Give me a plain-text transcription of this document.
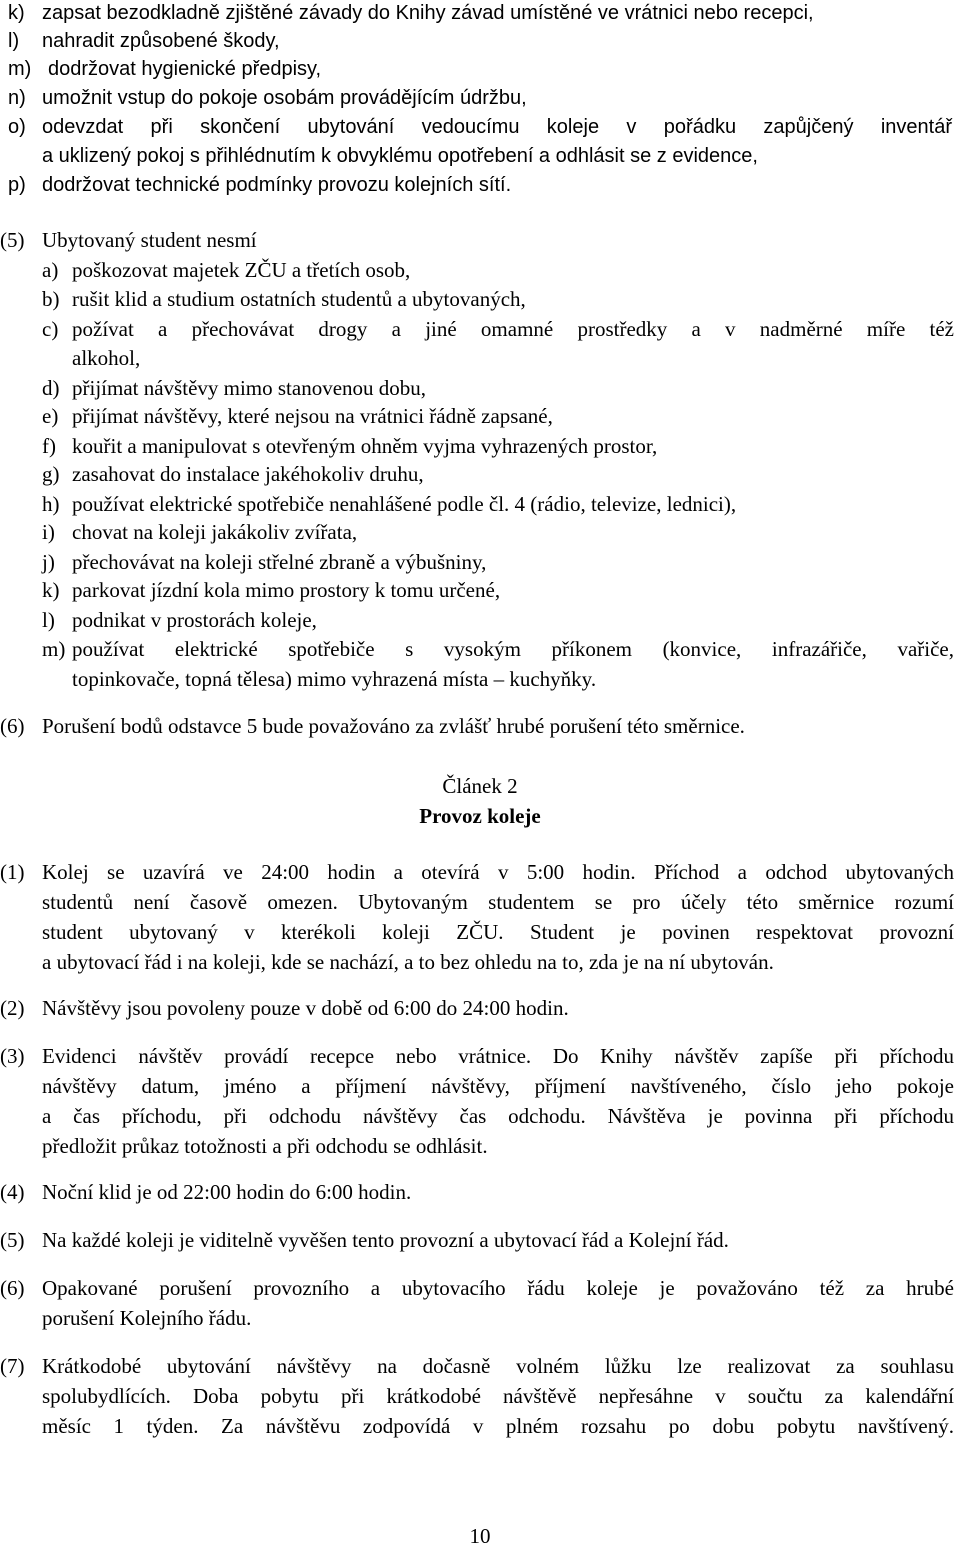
k) zapsat bezodkladně zjištěné závady do Knihy závad umístěné ve vrátnici nebo recepci,
l) nahradit způsobené škody,
m) dodržovat hygienické předpisy,
n) umožnit vstup do pokoje osobám provádějícím údržbu,
o) odevzdat při skončení ubytování vedoucímu koleje v pořádku zapůjčený inventář
a uklizený pokoj s přihlédnutím k obvyklému opotřebení a odhlásit se z evidence,
p) dodržovat technické podmínky provozu kolejních sítí.
(5) Ubytovaný student nesmí
a) poškozovat majetek ZČU a třetích osob,
b) rušit klid a studium ostatních studentů a ubytovaných,
c) požívat a přechovávat drogy a jiné omamné prostředky a v nadměrné míře též
alkohol,
d) přijímat návštěvy mimo stanovenou dobu,
e) přijímat návštěvy, které nejsou na vrátnici řádně zapsané,
f) kouřit a manipulovat s otevřeným ohněm vyjma vyhrazených prostor,
g) zasahovat do instalace jakéhokoliv druhu,
h) používat elektrické spotřebiče nenahlášené podle čl. 4 (rádio, televize, lednici),
i) chovat na koleji jakákoliv zvířata,
j) přechovávat na koleji střelné zbraně a výbušniny,
k) parkovat jízdní kola mimo prostory k tomu určené,
l) podnikat v prostorách koleje,
m) používat elektrické spotřebiče s vysokým příkonem (konvice, infrazářiče, vařiče,
topinkovače, topná tělesa) mimo vyhrazená místa – kuchyňky.
(6) Porušení bodů odstavce 5 bude považováno za zvlášť hrubé porušení této směrnice.
Článek 2
Provoz koleje
(1) Kolej se uzavírá ve 24:00 hodin a otevírá v 5:00 hodin. Příchod a odchod ubytovaných
studentů není časově omezen. Ubytovaným studentem se pro účely této směrnice rozumí
student ubytovaný v kterékoli koleji ZČU. Student je povinen respektovat provozní
a ubytovací řád i na koleji, kde se nachází, a to bez ohledu na to, zda je na ní ubytován.
(2) Návštěvy jsou povoleny pouze v době od 6:00 do 24:00 hodin.
(3) Evidenci návštěv provádí recepce nebo vrátnice. Do Knihy návštěv zapíše při příchodu
návštěvy datum, jméno a příjmení návštěvy, příjmení navštíveného, číslo jeho pokoje
a čas příchodu, při odchodu návštěvy čas odchodu. Návštěva je povinna při příchodu
předložit průkaz totožnosti a při odchodu se odhlásit.
(4) Noční klid je od 22:00 hodin do 6:00 hodin.
(5) Na každé koleji je viditelně vyvěšen tento provozní a ubytovací řád a Kolejní řád.
(6) Opakované porušení provozního a ubytovacího řádu koleje je považováno též za hrubé
porušení Kolejního řádu.
(7) Krátkodobé ubytování návštěvy na dočasně volném lůžku lze realizovat za souhlasu
spolubydlících. Doba pobytu při krátkodobé návštěvě nepřesáhne v součtu za kalendářní
měsíc 1 týden. Za návštěvu zodpovídá v plném rozsahu po dobu pobytu navštívený.
10
